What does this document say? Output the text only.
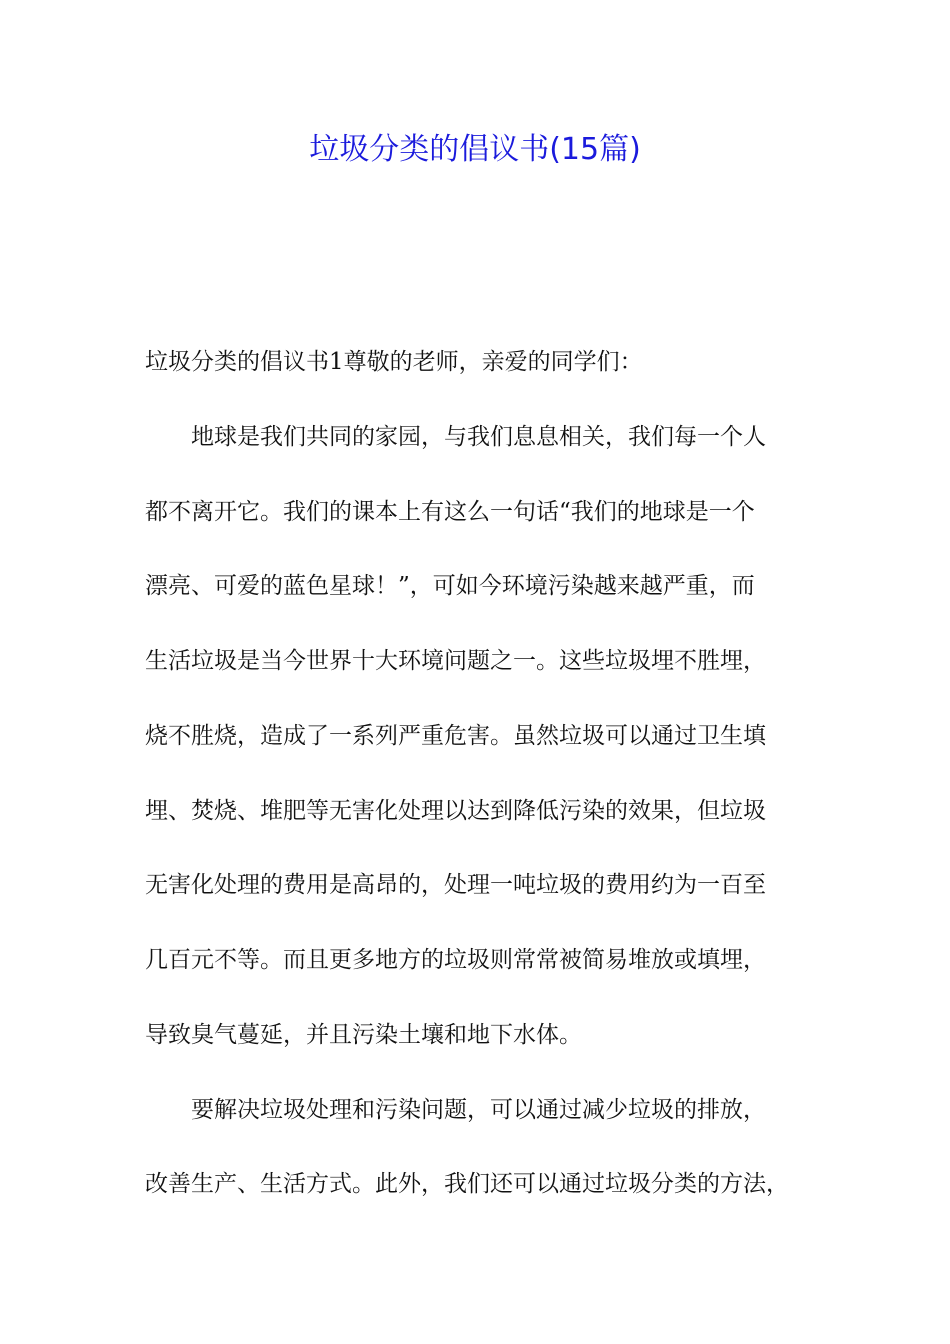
垃圾分类的倡议书(15篇)
垃圾分类的倡议书1尊敬的老师，亲爱的同学们：
　　地球是我们共同的家园，与我们息息相关，我们每一个人
都不离开它。我们的课本上有这么一句话“我们的地球是一个
漂亮、可爱的蓝色星球！”，可如今环境污染越来越严重，而
生活垃圾是当今世界十大环境问题之一。这些垃圾埋不胜埋，
烧不胜烧，造成了一系列严重危害。虽然垃圾可以通过卫生填
埋、焚烧、堆肥等无害化处理以达到降低污染的效果，但垃圾
无害化处理的费用是高昂的，处理一吨垃圾的费用约为一百至
几百元不等。而且更多地方的垃圾则常常被简易堆放或填埋，
导致臭气蔓延，并且污染土壤和地下水体。
　　要解决垃圾处理和污染问题，可以通过减少垃圾的排放，
改善生产、生活方式。此外，我们还可以通过垃圾分类的方法，
